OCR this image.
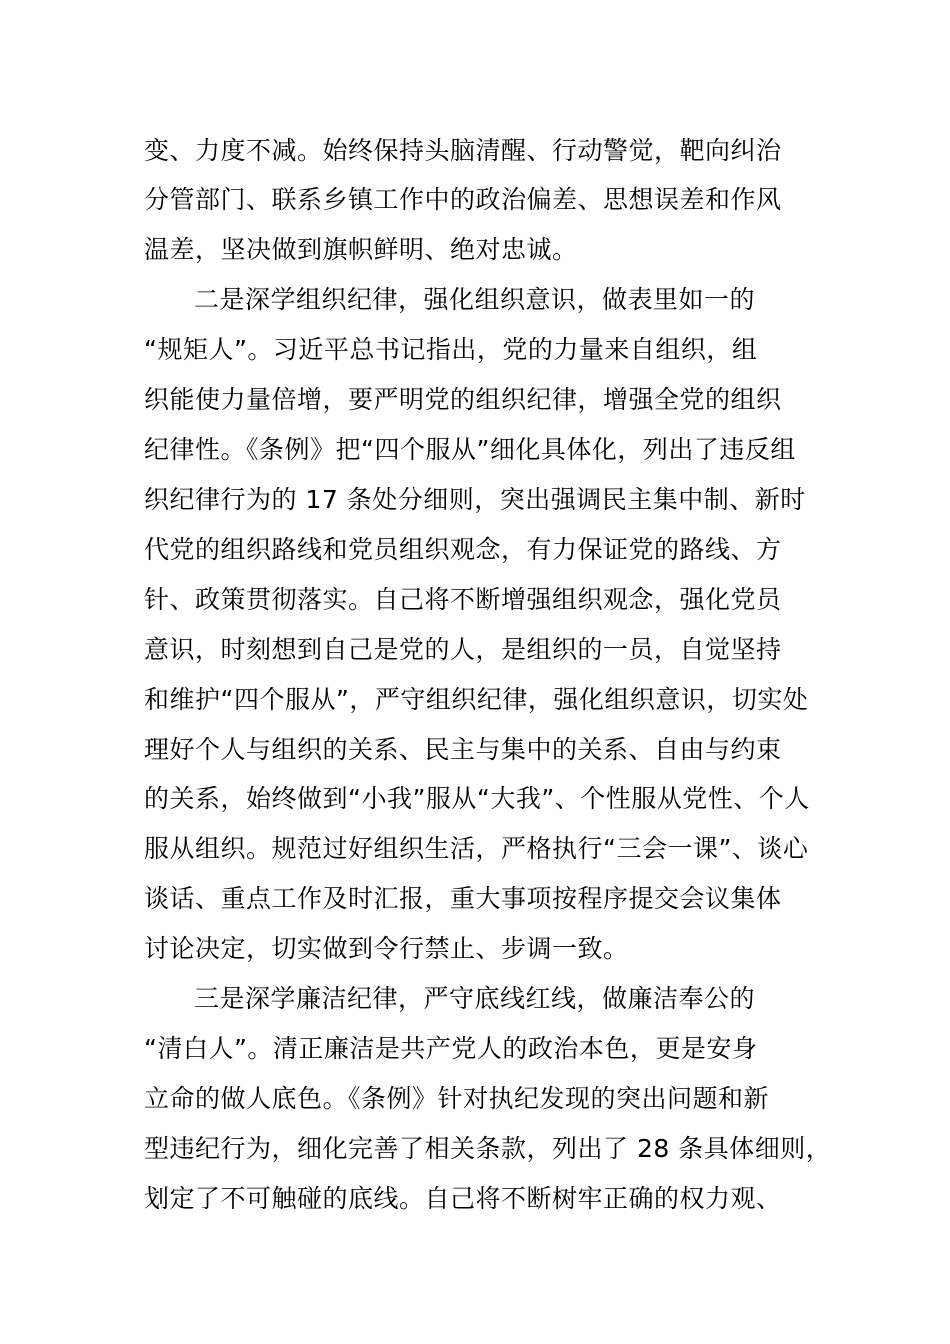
变、力度不减。始终保持头脑清醒、行动警觉，靶向纠治
分管部门、联系乡镇工作中的政治偏差、思想误差和作风
温差，坚决做到旗帜鲜明、绝对忠诚。
二是深学组织纪律，强化组织意识，做表里如一的
“规矩人”。习近平总书记指出，党的力量来自组织，组
织能使力量倍增，要严明党的组织纪律，增强全党的组织
纪律性。《条例》把“四个服从”细化具体化，列出了违反组
织纪律行为的 17 条处分细则，突出强调民主集中制、新时
代党的组织路线和党员组织观念，有力保证党的路线、方
针、政策贯彻落实。自己将不断增强组织观念，强化党员
意识，时刻想到自己是党的人，是组织的一员，自觉坚持
和维护“四个服从”，严守组织纪律，强化组织意识，切实处
理好个人与组织的关系、民主与集中的关系、自由与约束
的关系，始终做到“小我”服从“大我”、个性服从党性、个人
服从组织。规范过好组织生活，严格执行“三会一课”、谈心
谈话、重点工作及时汇报，重大事项按程序提交会议集体
讨论决定，切实做到令行禁止、步调一致。
三是深学廉洁纪律，严守底线红线，做廉洁奉公的
“清白人”。清正廉洁是共产党人的政治本色，更是安身
立命的做人底色。《条例》针对执纪发现的突出问题和新
型违纪行为，细化完善了相关条款，列出了 28 条具体细则，
划定了不可触碰的底线。自己将不断树牢正确的权力观、
